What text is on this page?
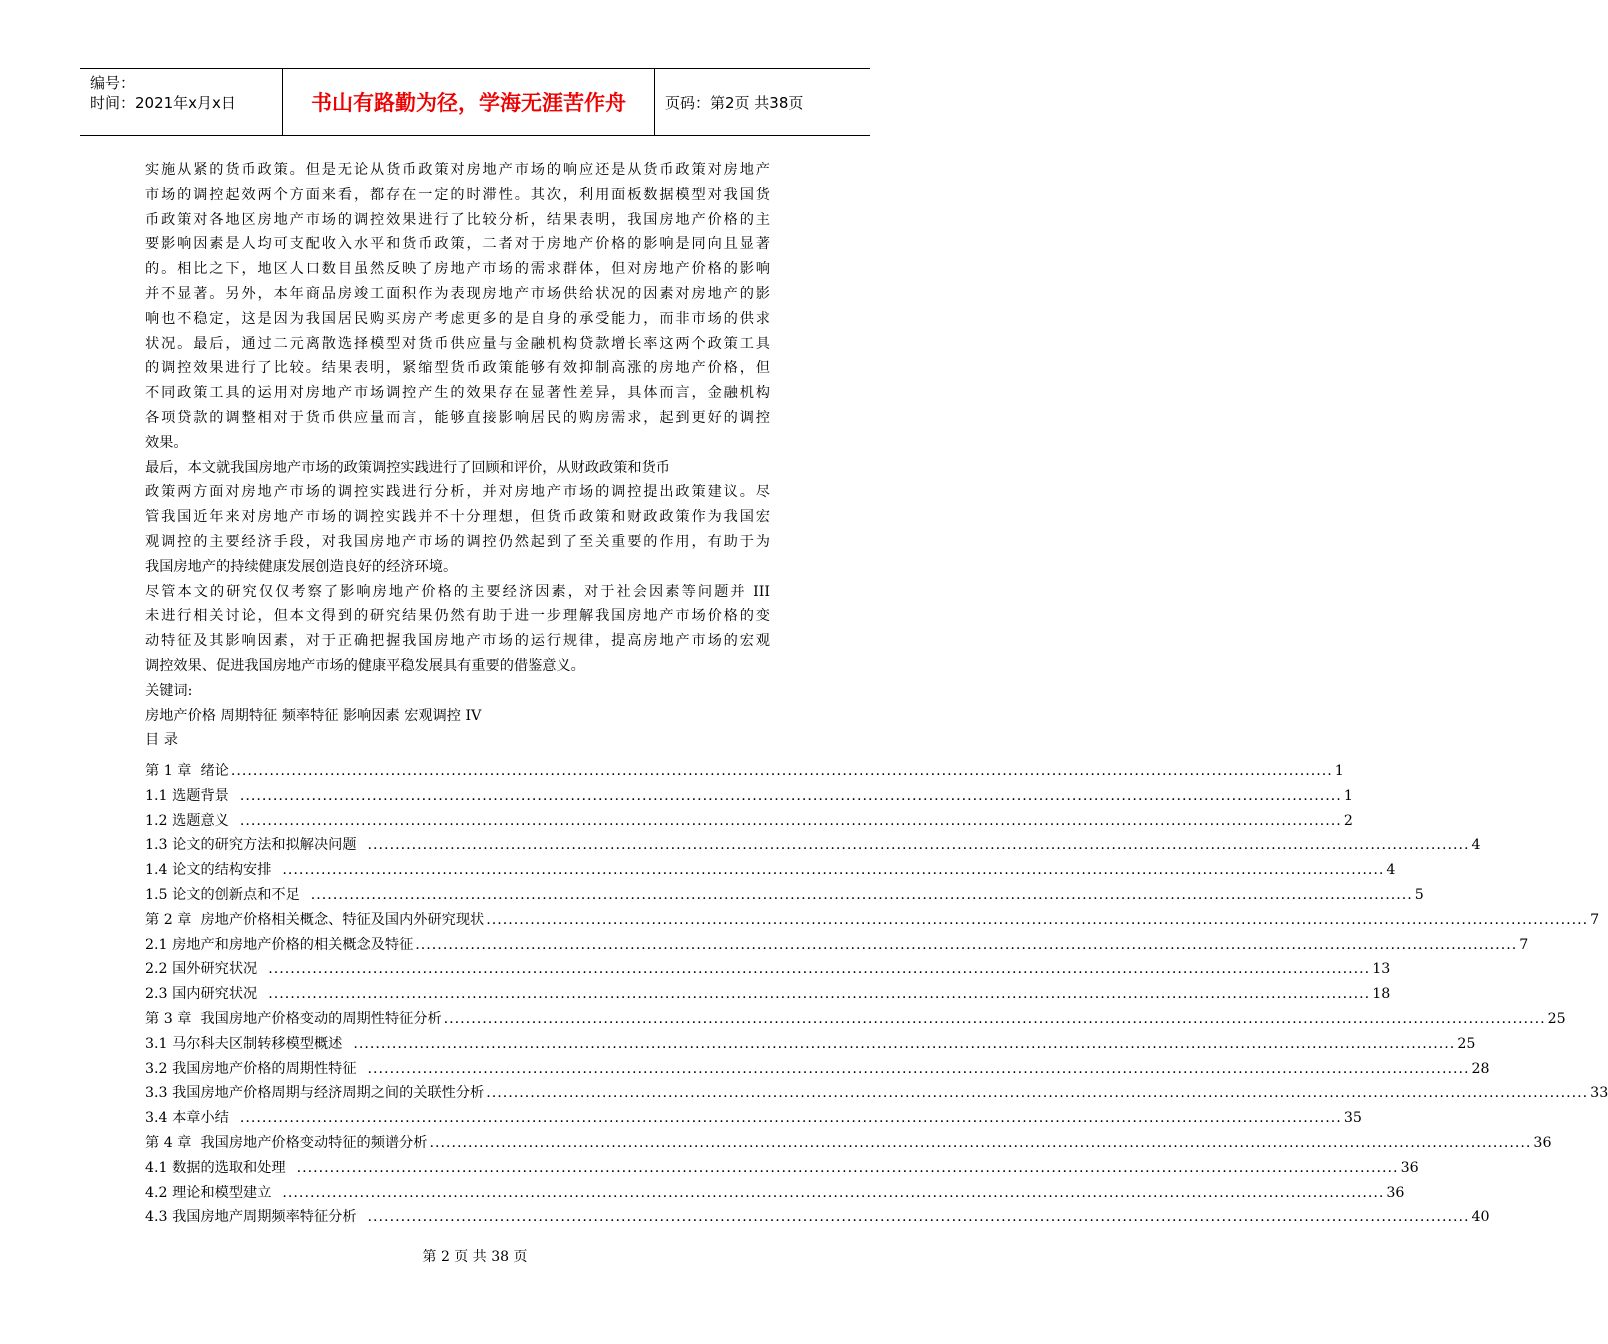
编号：
时间：2021年x月x日	书山有路勤为径，学海无涯苦作舟	页码：第2页 共38页
实施从紧的货币政策。但是无论从货币政策对房地产市场的响应还是从货币政策对房地产
市场的调控起效两个方面来看，都存在一定的时滞性。其次，利用面板数据模型对我国货
币政策对各地区房地产市场的调控效果进行了比较分析，结果表明，我国房地产价格的主
要影响因素是人均可支配收入水平和货币政策，二者对于房地产价格的影响是同向且显著
的。相比之下，地区人口数目虽然反映了房地产市场的需求群体，但对房地产价格的影响
并不显著。另外，本年商品房竣工面积作为表现房地产市场供给状况的因素对房地产的影
响也不稳定，这是因为我国居民购买房产考虑更多的是自身的承受能力，而非市场的供求
状况。最后，通过二元离散选择模型对货币供应量与金融机构贷款增长率这两个政策工具
的调控效果进行了比较。结果表明，紧缩型货币政策能够有效抑制高涨的房地产价格，但
不同政策工具的运用对房地产市场调控产生的效果存在显著性差异，具体而言，金融机构
各项贷款的调整相对于货币供应量而言，能够直接影响居民的购房需求，起到更好的调控
效果。
最后，本文就我国房地产市场的政策调控实践进行了回顾和评价，从财政政策和货币
政策两方面对房地产市场的调控实践进行分析，并对房地产市场的调控提出政策建议。尽
管我国近年来对房地产市场的调控实践并不十分理想，但货币政策和财政政策作为我国宏
观调控的主要经济手段，对我国房地产市场的调控仍然起到了至关重要的作用，有助于为
我国房地产的持续健康发展创造良好的经济环境。
尽管本文的研究仅仅考察了影响房地产价格的主要经济因素，对于社会因素等问题并 III
未进行相关讨论，但本文得到的研究结果仍然有助于进一步理解我国房地产市场价格的变
动特征及其影响因素，对于正确把握我国房地产市场的运行规律，提高房地产市场的宏观
调控效果、促进我国房地产市场的健康平稳发展具有重要的借鉴意义。
关键词:
房地产价格 周期特征 频率特征 影响因素 宏观调控 IV
目 录
第 1 章  绪论 ........................................................................................................................................................................................................ 1
1.1 选题背景 ........................................................................................................................................................................................................ 1
1.2 选题意义 ........................................................................................................................................................................................................ 2
1.3 论文的研究方法和拟解决问题 ........................................................................................................................................................................................................ 4
1.4 论文的结构安排 ........................................................................................................................................................................................................ 4
1.5 论文的创新点和不足 ........................................................................................................................................................................................................ 5
第 2 章  房地产价格相关概念、特征及国内外研究现状 ........................................................................................................................................................................................................ 7
2.1 房地产和房地产价格的相关概念及特征 ........................................................................................................................................................................................................ 7
2.2 国外研究状况 ........................................................................................................................................................................................................ 13
2.3 国内研究状况 ........................................................................................................................................................................................................ 18
第 3 章  我国房地产价格变动的周期性特征分析 ........................................................................................................................................................................................................ 25
3.1 马尔科夫区制转移模型概述 ........................................................................................................................................................................................................ 25
3.2 我国房地产价格的周期性特征 ........................................................................................................................................................................................................ 28
3.3 我国房地产价格周期与经济周期之间的关联性分析 ........................................................................................................................................................................................................ 33
3.4 本章小结 ........................................................................................................................................................................................................ 35
第 4 章  我国房地产价格变动特征的频谱分析 ........................................................................................................................................................................................................ 36
4.1 数据的选取和处理 ........................................................................................................................................................................................................ 36
4.2 理论和模型建立 ........................................................................................................................................................................................................ 36
4.3 我国房地产周期频率特征分析 ........................................................................................................................................................................................................ 40
第 2 页 共 38 页
